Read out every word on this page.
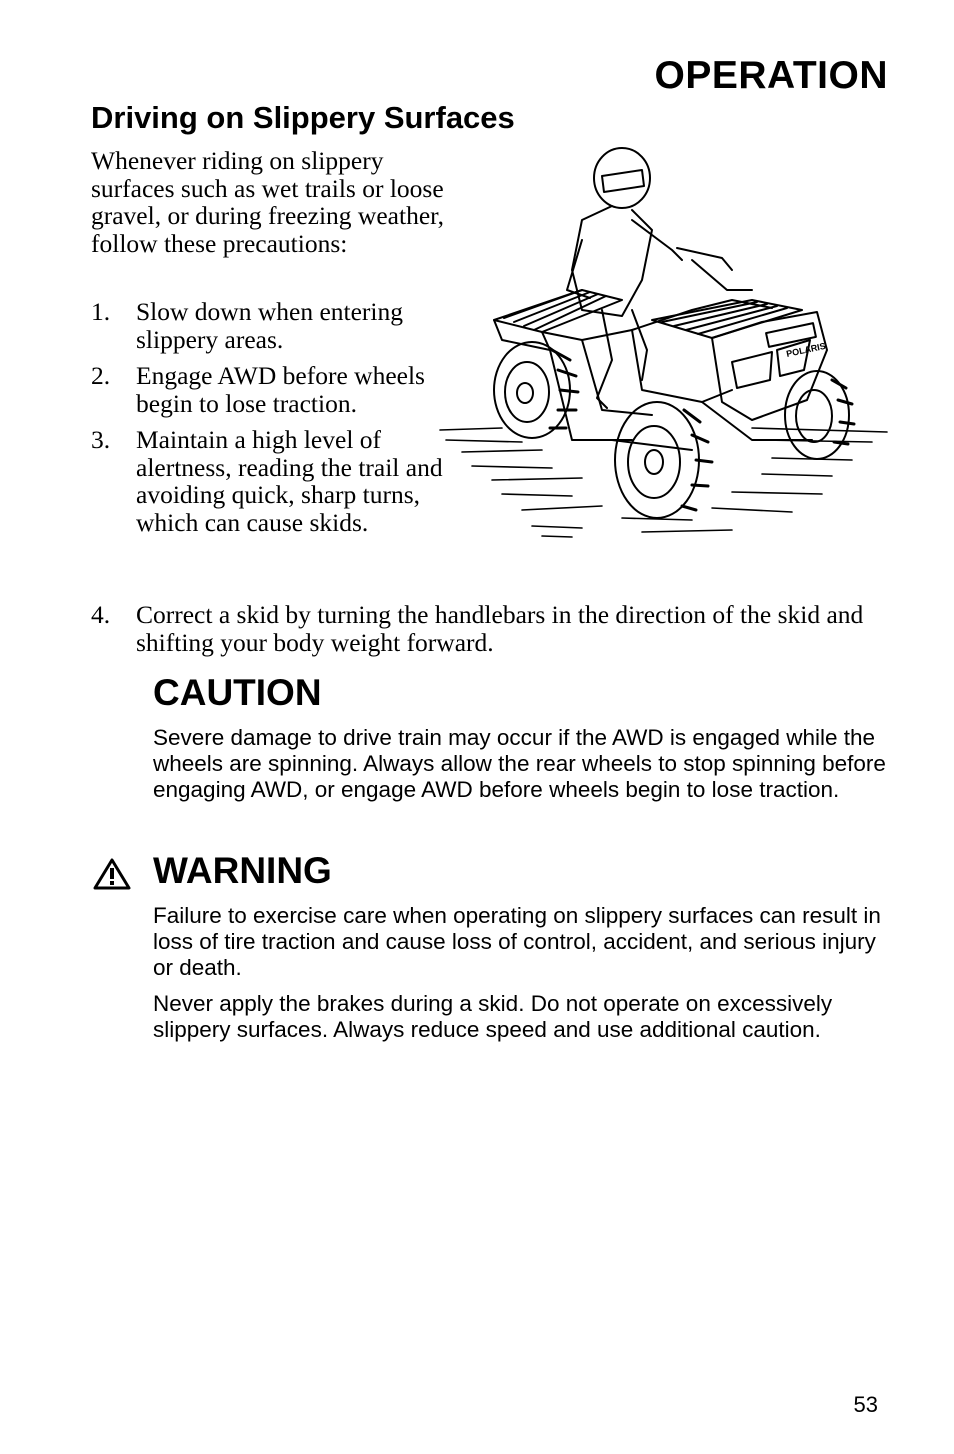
OPERATION
Driving on Slippery Surfaces

Whenever riding on slippery surfaces such as wet trails or loose gravel, or during freezing weather, follow these precautions:

1. Slow down when entering slippery areas.
2. Engage AWD before wheels begin to lose traction.
3. Maintain a high level of alertness, reading the trail and avoiding quick, sharp turns, which can cause skids.
4. Correct a skid by turning the handlebars in the direction of the skid and shifting your body weight forward.
POLARIS
CAUTION

Severe damage to drive train may occur if the AWD is engaged while the wheels are spinning. Always allow the rear wheels to stop spinning before engaging AWD, or engage AWD before wheels begin to lose traction.

WARNING

Failure to exercise care when operating on slippery surfaces can result in loss of tire traction and cause loss of control, accident, and serious injury or death.

Never apply the brakes during a skid. Do not operate on excessively slippery surfaces. Always reduce speed and use additional caution.

53
